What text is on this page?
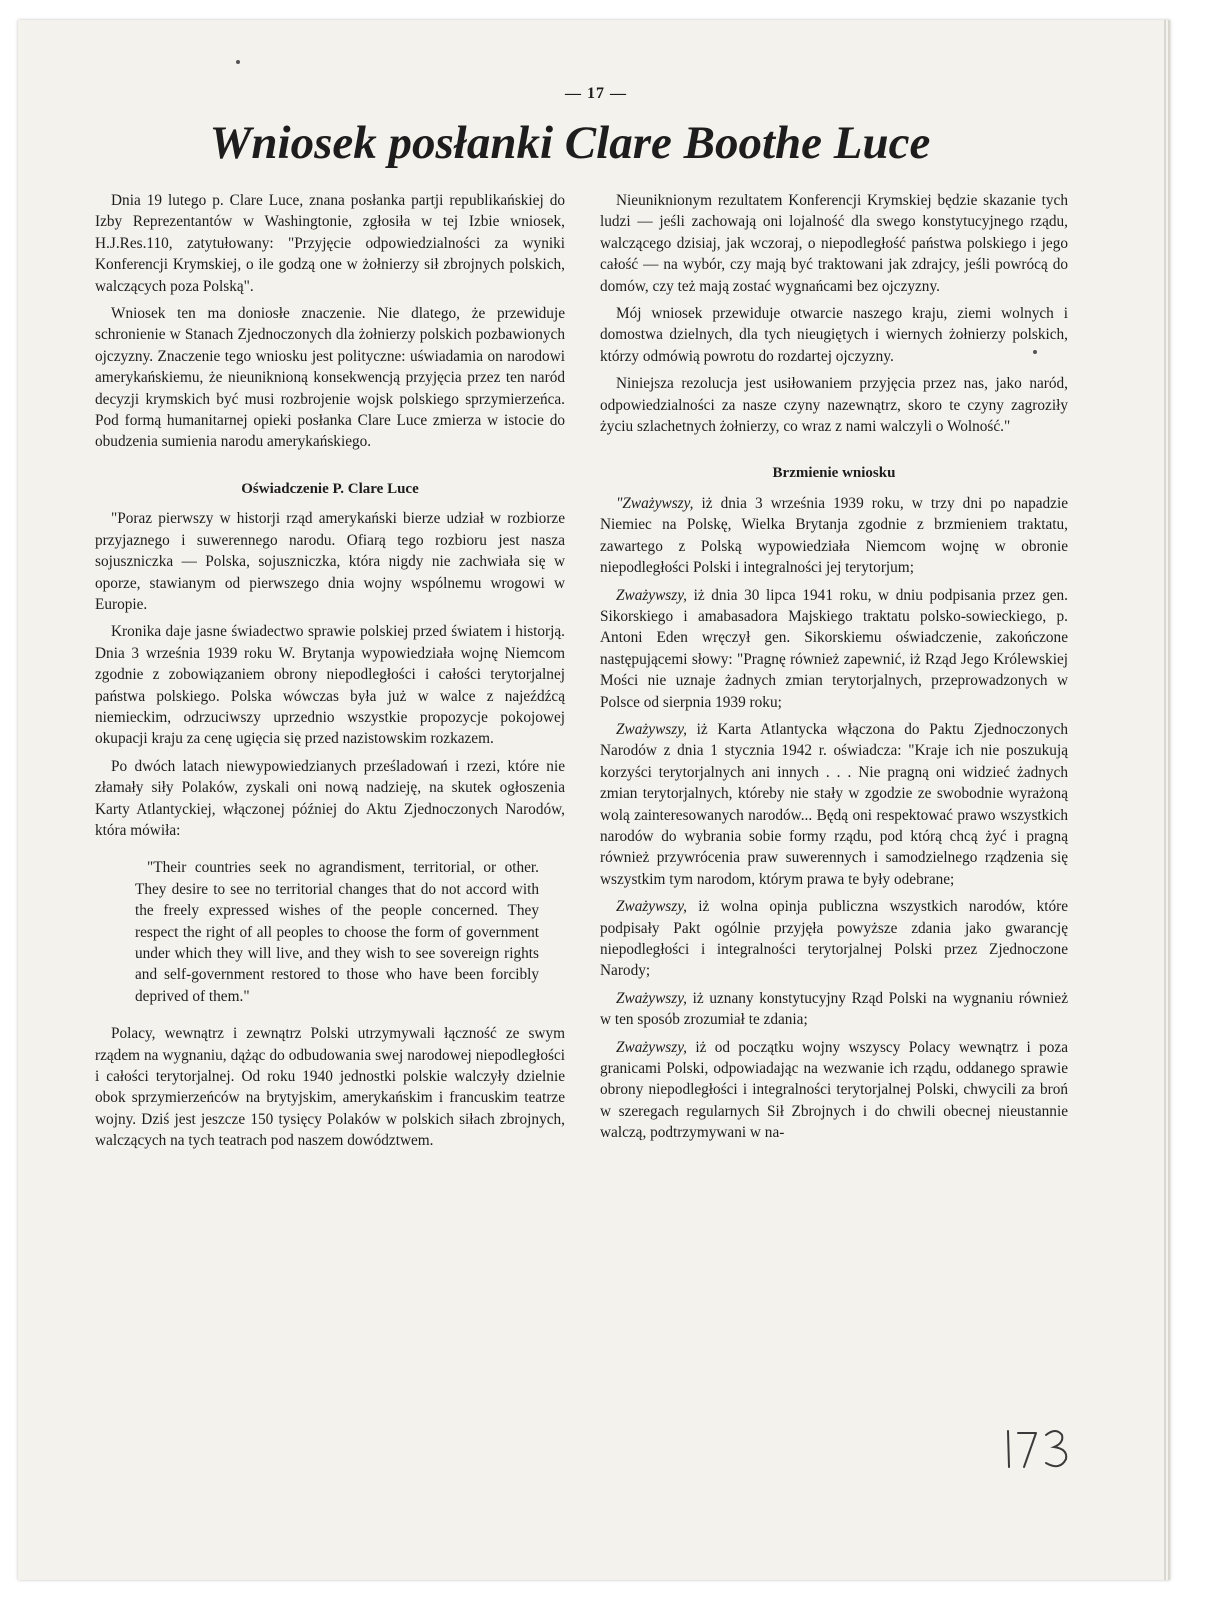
— 17 —
Wniosek posłanki Clare Boothe Luce

Dnia 19 lutego p. Clare Luce, znana posłanka partji republikańskiej do Izby Reprezentantów w Washingtonie, zgłosiła w tej Izbie wniosek, H.J.Res.110, zatytułowany: "Przyjęcie odpowiedzialności za wyniki Konferencji Krymskiej, o ile godzą one w żołnierzy sił zbrojnych polskich, walczących poza Polską".

Wniosek ten ma doniosłe znaczenie. Nie dlatego, że przewiduje schronienie w Stanach Zjednoczonych dla żołnierzy polskich pozbawionych ojczyzny. Znaczenie tego wniosku jest polityczne: uświadamia on narodowi amerykańskiemu, że nieuniknioną konsekwencją przyjęcia przez ten naród decyzji krymskich być musi rozbrojenie wojsk polskiego sprzymierzeńca. Pod formą humanitarnej opieki posłanka Clare Luce zmierza w istocie do obudzenia sumienia narodu amerykańskiego.

Oświadczenie P. Clare Luce

"Poraz pierwszy w historji rząd amerykański bierze udział w rozbiorze przyjaznego i suwerennego narodu. Ofiarą tego rozbioru jest nasza sojuszniczka — Polska, sojuszniczka, która nigdy nie zachwiała się w oporze, stawianym od pierwszego dnia wojny wspólnemu wrogowi w Europie.

Kronika daje jasne świadectwo sprawie polskiej przed światem i historją. Dnia 3 września 1939 roku W. Brytanja wypowiedziała wojnę Niemcom zgodnie z zobowiązaniem obrony niepodległości i całości terytorjalnej państwa polskiego. Polska wówczas była już w walce z najeźdźcą niemieckim, odrzuciwszy uprzednio wszystkie propozycje pokojowej okupacji kraju za cenę ugięcia się przed nazistowskim rozkazem.

Po dwóch latach niewypowiedzianych prześladowań i rzezi, które nie złamały siły Polaków, zyskali oni nową nadzieję, na skutek ogłoszenia Karty Atlantyckiej, włączonej później do Aktu Zjednoczonych Narodów, która mówiła:

"Their countries seek no agrandisment, territorial, or other. They desire to see no territorial changes that do not accord with the freely expressed wishes of the people concerned. They respect the right of all peoples to choose the form of government under which they will live, and they wish to see sovereign rights and self-government restored to those who have been forcibly deprived of them."

Polacy, wewnątrz i zewnątrz Polski utrzymywali łączność ze swym rządem na wygnaniu, dążąc do odbudowania swej narodowej niepodległości i całości terytorjalnej. Od roku 1940 jednostki polskie walczyły dzielnie obok sprzymierzeńców na brytyjskim, amerykańskim i francuskim teatrze wojny. Dziś jest jeszcze 150 tysięcy Polaków w polskich siłach zbrojnych, walczących na tych teatrach pod naszem dowództwem.

Nieuniknionym rezultatem Konferencji Krymskiej będzie skazanie tych ludzi — jeśli zachowają oni lojalność dla swego konstytucyjnego rządu, walczącego dzisiaj, jak wczoraj, o niepodległość państwa polskiego i jego całość — na wybór, czy mają być traktowani jak zdrajcy, jeśli powrócą do domów, czy też mają zostać wygnańcami bez ojczyzny.

Mój wniosek przewiduje otwarcie naszego kraju, ziemi wolnych i domostwa dzielnych, dla tych nieugiętych i wiernych żołnierzy polskich, którzy odmówią powrotu do rozdartej ojczyzny.

Niniejsza rezolucja jest usiłowaniem przyjęcia przez nas, jako naród, odpowiedzialności za nasze czyny nazewnątrz, skoro te czyny zagroziły życiu szlachetnych żołnierzy, co wraz z nami walczyli o Wolność."

Brzmienie wniosku

"Zważywszy, iż dnia 3 września 1939 roku, w trzy dni po napadzie Niemiec na Polskę, Wielka Brytanja zgodnie z brzmieniem traktatu, zawartego z Polską wypowiedziała Niemcom wojnę w obronie niepodległości Polski i integralności jej terytorjum;

Zważywszy, iż dnia 30 lipca 1941 roku, w dniu podpisania przez gen. Sikorskiego i amabasadora Majskiego traktatu polsko-sowieckiego, p. Antoni Eden wręczył gen. Sikorskiemu oświadczenie, zakończone następującemi słowy: "Pragnę również zapewnić, iż Rząd Jego Królewskiej Mości nie uznaje żadnych zmian terytorjalnych, przeprowadzonych w Polsce od sierpnia 1939 roku;

Zważywszy, iż Karta Atlantycka włączona do Paktu Zjednoczonych Narodów z dnia 1 stycznia 1942 r. oświadcza: "Kraje ich nie poszukują korzyści terytorjalnych ani innych . . . Nie pragną oni widzieć żadnych zmian terytorjalnych, któreby nie stały w zgodzie ze swobodnie wyrażoną wolą zainteresowanych narodów... Będą oni respektować prawo wszystkich narodów do wybrania sobie formy rządu, pod którą chcą żyć i pragną również przywrócenia praw suwerennych i samodzielnego rządzenia się wszystkim tym narodom, którym prawa te były odebrane;

Zważywszy, iż wolna opinja publiczna wszystkich narodów, które podpisały Pakt ogólnie przyjęła powyższe zdania jako gwarancję niepodległości i integralności terytorjalnej Polski przez Zjednoczone Narody;

Zważywszy, iż uznany konstytucyjny Rząd Polski na wygnaniu również w ten sposób zrozumiał te zdania;

Zważywszy, iż od początku wojny wszyscy Polacy wewnątrz i poza granicami Polski, odpowiadając na wezwanie ich rządu, oddanego sprawie obrony niepodległości i integralności terytorjalnej Polski, chwycili za broń w szeregach regularnych Sił Zbrojnych i do chwili obecnej nieustannie walczą, podtrzymywani w na-
